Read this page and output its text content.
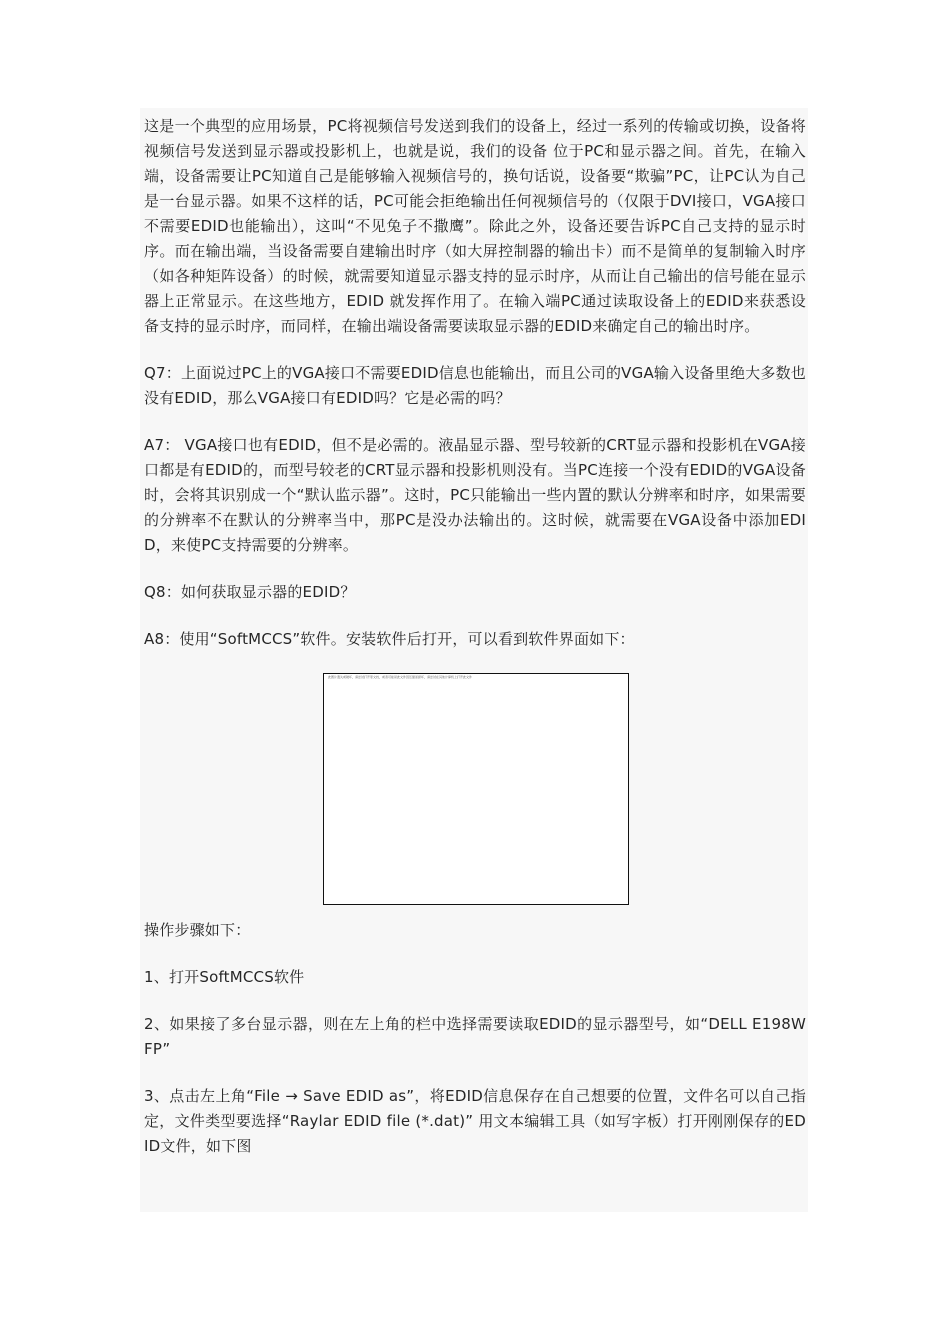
这是一个典型的应用场景，PC将视频信号发送到我们的设备上，经过一系列的传输或切换，设备将视频信号发送到显示器或投影机上，也就是说，我们的设备 位于PC和显示器之间。首先，在输入端，设备需要让PC知道自己是能够输入视频信号的，换句话说，设备要“欺骗”PC，让PC认为自己是一台显示器。如果不这样的话，PC可能会拒绝输出任何视频信号的（仅限于DVI接口，VGA接口不需要EDID也能输出），这叫“不见兔子不撒鹰”。除此之外，设备还要告诉PC自己支持的显示时序。而在输出端，当设备需要自建输出时序（如大屏控制器的输出卡）而不是简单的复制输入时序（如各种矩阵设备）的时候，就需要知道显示器支持的显示时序，从而让自己输出的信号能在显示器上正常显示。在这些地方，EDID 就发挥作用了。在输入端PC通过读取设备上的EDID来获悉设备支持的显示时序，而同样，在输出端设备需要读取显示器的EDID来确定自己的输出时序。

Q7：上面说过PC上的VGA接口不需要EDID信息也能输出，而且公司的VGA输入设备里绝大多数也没有EDID，那么VGA接口有EDID吗？它是必需的吗？

A7： VGA接口也有EDID，但不是必需的。液晶显示器、型号较新的CRT显示器和投影机在VGA接口都是有EDID的，而型号较老的CRT显示器和投影机则没有。当PC连接一个没有EDID的VGA设备时，会将其识别成一个“默认监示器”。这时，PC只能输出一些内置的默认分辨率和时序，如果需要的分辨率不在默认的分辨率当中，那PC是没办法输出的。这时候，就需要在VGA设备中添加EDID，来使PC支持需要的分辨率。

Q8：如何获取显示器的EDID？

A8：使用“SoftMCCS”软件。安装软件后打开，可以看到软件界面如下：

此图片遗失或破坏，请尝试打开原文档，或者可能是此文件因压缩而损坏，请尝试在其他计算机上打开此文件

操作步骤如下：

1、打开SoftMCCS软件

2、如果接了多台显示器，则在左上角的栏中选择需要读取EDID的显示器型号，如“DELL E198WFP”

3、点击左上角“File → Save EDID as”，将EDID信息保存在自己想要的位置，文件名可以自己指定，文件类型要选择“Raylar EDID file (*.dat)” 用文本编辑工具（如写字板）打开刚刚保存的EDID文件，如下图
